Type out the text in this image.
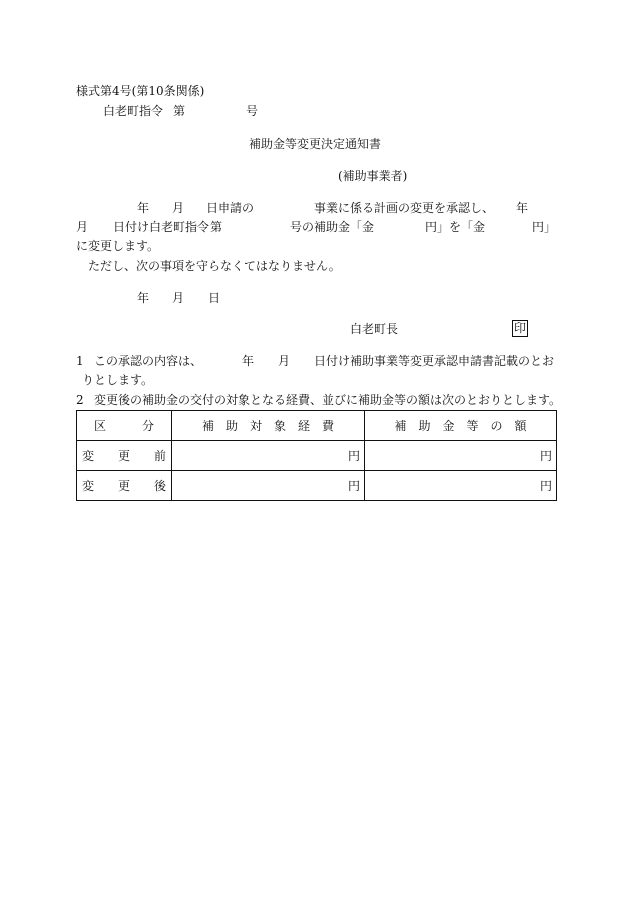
様式第4号(第10条関係)
白老町指令 第	号
補助金等変更決定通知書
(補助事業者)
年 月 日申請の	事業に係る計画の変更を承認し、 年
月 日付け白老町指令 第	号の補助金「金	円」を「金	円」
に変更します。
ただし、次の事項を守らなくてはなりません。
年 月 日
白老町長	印
1 この承認の内容は、	年 月 日付け補助事業等変更承認申請書記載のとお
りとします。
2 変更後の補助金の交付の対象となる経費、並びに補助金等の額は次のとおりとします。
区　　　分	補　助　対　象　経　費	補　助　金　等　の　額
変　　更　　前	円	円
変　　更　　後	円	円
